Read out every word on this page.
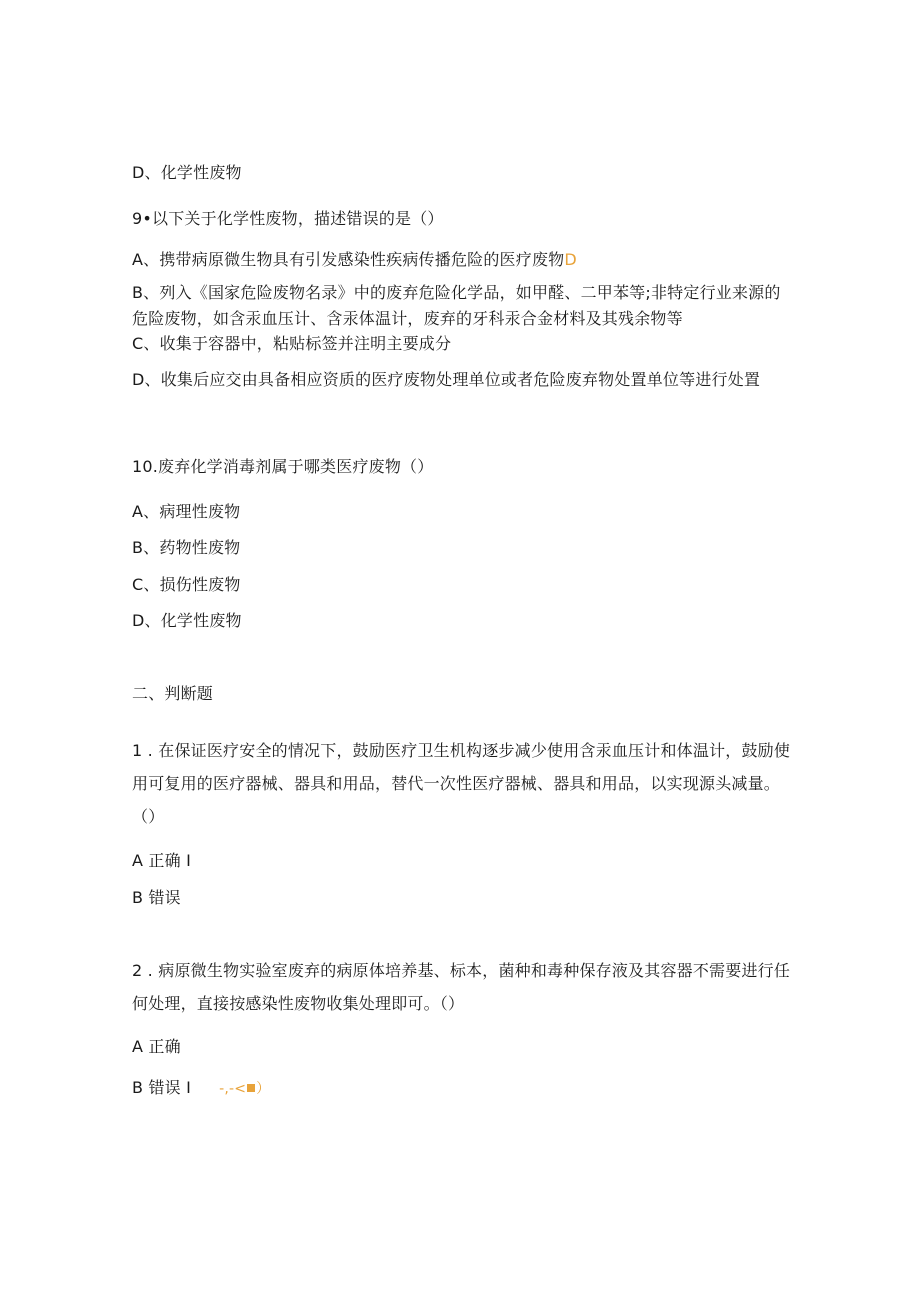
D、化学性废物
9•以下关于化学性废物，描述错误的是（）
A、携带病原微生物具有引发感染性疾病传播危险的医疗废物D
B、列入《国家危险废物名录》中的废弃危险化学品，如甲醛、二甲苯等;非特定行业来源的危险废物，如含汞血压计、含汞体温计，废弃的牙科汞合金材料及其残余物等
C、收集于容器中，粘贴标签并注明主要成分
D、收集后应交由具备相应资质的医疗废物处理单位或者危险废弃物处置单位等进行处置
10.废弃化学消毒剂属于哪类医疗废物（）
A、病理性废物
B、药物性废物
C、损伤性废物
D、化学性废物
二、判断题
1 . 在保证医疗安全的情况下，鼓励医疗卫生机构逐步减少使用含汞血压计和体温计，鼓励使用可复用的医疗器械、器具和用品，替代一次性医疗器械、器具和用品，以实现源头减量。（）
A 正确 I
B 错误
2 . 病原微生物实验室废弃的病原体培养基、标本，菌种和毒种保存液及其容器不需要进行任何处理，直接按感染性废物收集处理即可。（）
A 正确
B 错误 I -,-< ）
